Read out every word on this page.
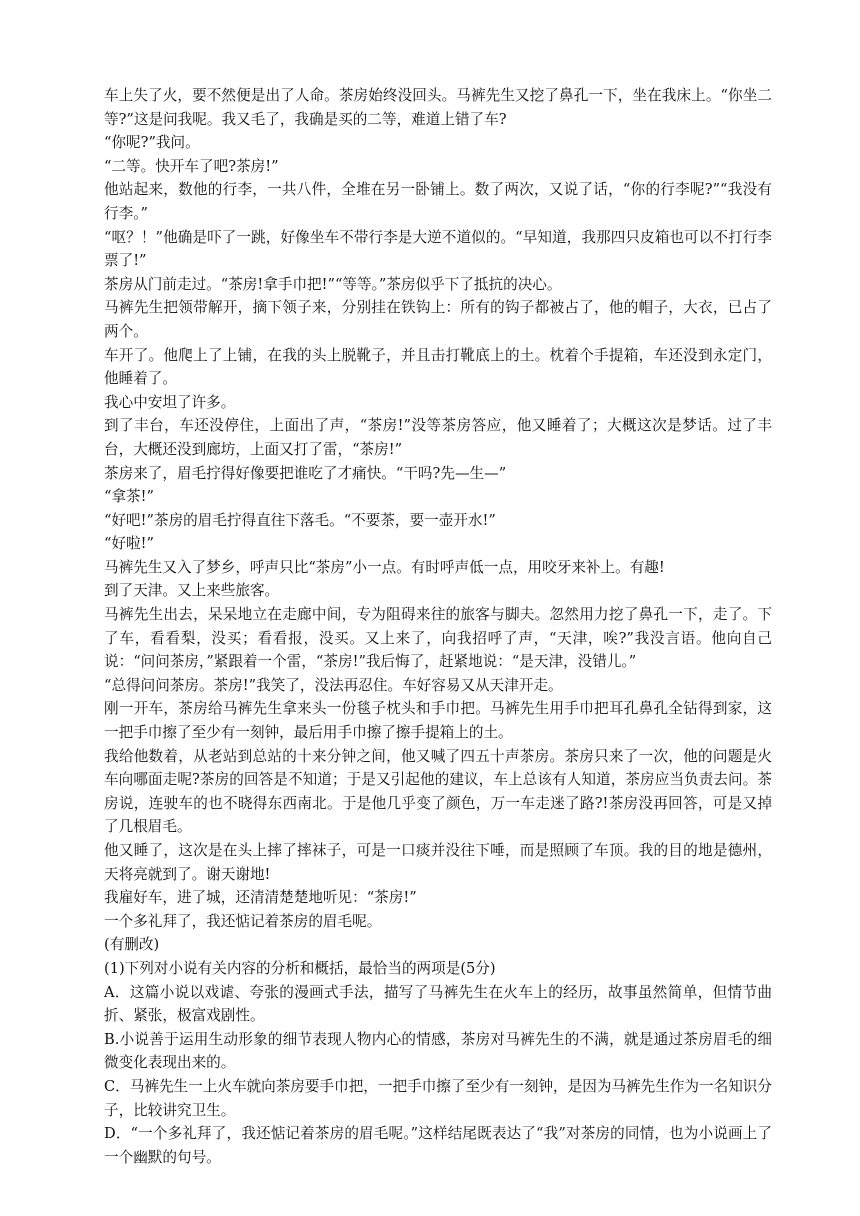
车上失了火，要不然便是出了人命。茶房始终没回头。马裤先生又挖了鼻孔一下，坐在我床上。“你坐二等?”这是问我呢。我又毛了，我确是买的二等，难道上错了车?

“你呢?”我问。

“二等。快开车了吧?茶房!”

他站起来，数他的行李，一共八件，全堆在另一卧铺上。数了两次，又说了话，“你的行李呢?”“我没有行李。”

“呕？！”他确是吓了一跳，好像坐车不带行李是大逆不道似的。“早知道，我那四只皮箱也可以不打行李票了!”

茶房从门前走过。“茶房!拿手巾把!”“等等。”茶房似乎下了抵抗的决心。

马裤先生把领带解开，摘下领子来，分别挂在铁钩上：所有的钩子都被占了，他的帽子，大衣，已占了两个。

车开了。他爬上了上铺，在我的头上脱靴子，并且击打靴底上的土。枕着个手提箱，车还没到永定门，他睡着了。

我心中安坦了许多。

到了丰台，车还没停住，上面出了声，“茶房!”没等茶房答应，他又睡着了；大概这次是梦话。过了丰台，大概还没到廊坊，上面又打了雷，“茶房!”

茶房来了，眉毛拧得好像要把谁吃了才痛快。“干吗?先—生—”

“拿茶!”

“好吧!”茶房的眉毛拧得直往下落毛。“不要茶，要一壶开水!”

“好啦!”

马裤先生又入了梦乡，呼声只比“茶房”小一点。有时呼声低一点，用咬牙来补上。有趣!

到了天津。又上来些旅客。

马裤先生出去，呆呆地立在走廊中间，专为阻碍来往的旅客与脚夫。忽然用力挖了鼻孔一下，走了。下了车，看看梨，没买；看看报，没买。又上来了，向我招呼了声，“天津，唉?”我没言语。他向自己说：“问问茶房，”紧跟着一个雷，“茶房!”我后悔了，赶紧地说：“是天津，没错儿。”

“总得问问茶房。茶房!”我笑了，没法再忍住。车好容易又从天津开走。

刚一开车，茶房给马裤先生拿来头一份毯子枕头和手巾把。马裤先生用手巾把耳孔鼻孔全钻得到家，这一把手巾擦了至少有一刻钟，最后用手巾擦了擦手提箱上的土。

我给他数着，从老站到总站的十来分钟之间，他又喊了四五十声茶房。茶房只来了一次，他的问题是火车向哪面走呢?茶房的回答是不知道；于是又引起他的建议，车上总该有人知道，茶房应当负责去问。茶房说，连驶车的也不晓得东西南北。于是他几乎变了颜色，万一车走迷了路?!茶房没再回答，可是又掉了几根眉毛。

他又睡了，这次是在头上摔了摔袜子，可是一口痰并没往下唾，而是照顾了车顶。我的目的地是德州，天将亮就到了。谢天谢地!

我雇好车，进了城，还清清楚楚地听见：“茶房!”

一个多礼拜了，我还惦记着茶房的眉毛呢。

(有删改)

(1)下列对小说有关内容的分析和概括，最恰当的两项是(5分)

A．这篇小说以戏谑、夸张的漫画式手法，描写了马裤先生在火车上的经历，故事虽然简单，但情节曲折、紧张，极富戏剧性。

B.小说善于运用生动形象的细节表现人物内心的情感，茶房对马裤先生的不满，就是通过茶房眉毛的细微变化表现出来的。

C．马裤先生一上火车就向茶房要手巾把，一把手巾擦了至少有一刻钟，是因为马裤先生作为一名知识分子，比较讲究卫生。

D．“一个多礼拜了，我还惦记着茶房的眉毛呢。”这样结尾既表达了“我”对茶房的同情，也为小说画上了一个幽默的句号。
